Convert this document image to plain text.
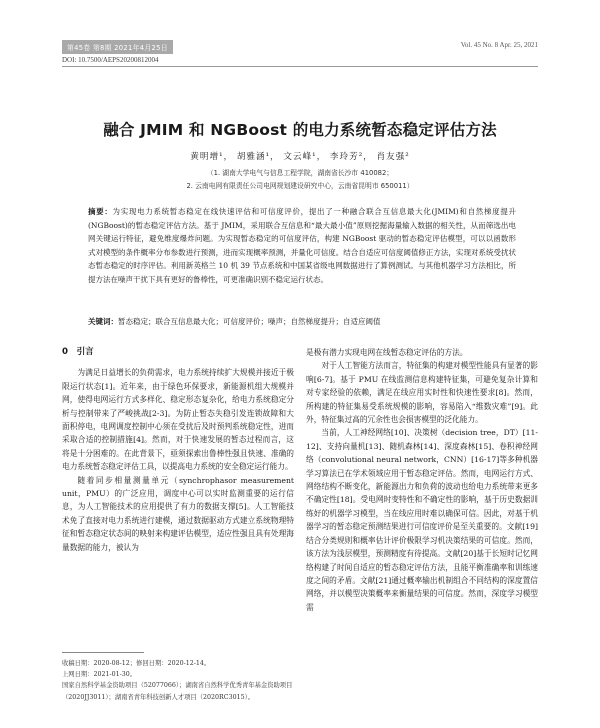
第45卷 第8期 2021年4月25日	Vol. 45 No. 8 Apr. 25, 2021
DOI: 10.7500/AEPS20200812004
融合 JMIM 和 NGBoost 的电力系统暂态稳定评估方法
黄明增¹， 胡雅涵¹， 文云峰¹， 李玲芳²， 肖友强²
（1. 湖南大学电气与信息工程学院，湖南省长沙市 410082；
2. 云南电网有限责任公司电网规划建设研究中心，云南省昆明市 650011）
摘要：为实现电力系统暂态稳定在线快速评估和可信度评价，提出了一种融合联合互信息最大化(JMIM)和自然梯度提升(NGBoost)的暂态稳定评估方法。基于 JMIM，采用联合互信息和“最大最小值”原则挖掘海量输入数据的相关性，从而筛选出电网关键运行特征，避免维度爆炸问题。为实现暂态稳定的可信度评估，构建 NGBoost 驱动的暂态稳定评估模型，可以以函数形式对模型的条件概率分布参数进行预测，进而实现概率预测，并量化可信度。结合自适应可信度阈值修正方法，实现对系统受扰状态暂态稳定的时序评估。利用新英格兰 10 机 39 节点系统和中国某省级电网数据进行了算例测试。与其他机器学习方法相比，所提方法在噪声干扰下具有更好的鲁棒性，可更准确识别不稳定运行状态。
关键词：暂态稳定；联合互信息最大化；可信度评价；噪声；自然梯度提升；自适应阈值
0　引言

为满足日益增长的负荷需求，电力系统持续扩大规模并接近于极限运行状态[1]。近年来，由于绿色环保要求，新能源机组大规模并网，使得电网运行方式多样化、稳定形态复杂化，给电力系统稳定分析与控制带来了严峻挑战[2-3]。为防止暂态失稳引发连锁故障和大面积停电，电网调度控制中心须在受扰后及时预判系统稳定性，进而采取合适的控制措施[4]。然而，对于快速发展的暂态过程而言，这将是十分困难的。在此背景下，亟须探索出鲁棒性强且快速、准确的电力系统暂态稳定评估工具，以提高电力系统的安全稳定运行能力。

随着同步相量测量单元（synchrophasor measurement unit，PMU）的广泛应用，调度中心可以实时监测重要的运行信息，为人工智能技术的应用提供了有力的数据支撑[5]。人工智能技术免了直接对电力系统进行建模，通过数据驱动方式建立系统物理特征和暂态稳定状态间的映射来构建评估模型，适应性强且具有处理海量数据的能力，被认为

是极有潜力实现电网在线暂态稳定评估的方法。

对于人工智能方法而言，特征集的构建对模型性能具有显著的影响[6-7]。基于 PMU 在线监测信息构建特征集，可避免复杂计算和对专家经验的依赖，满足在线应用实时性和快速性要求[8]。然而，所构建的特征集易受系统规模的影响，容易陷入“维数灾难”[9]。此外，特征集过高的冗余性也会损害模型的泛化能力。

当前，人工神经网络[10]、决策树（decision tree，DT）[11-12]、支持向量机[13]、随机森林[14]、深度森林[15]、卷积神经网络（convolutional neural network，CNN）[16-17]等多种机器学习算法已在学术领域应用于暂态稳定评估。然而，电网运行方式、网络结构不断变化，新能源出力和负荷的波动也给电力系统带来更多不确定性[18]。受电网时变特性和不确定性的影响，基于历史数据训练好的机器学习模型，当在线应用时难以确保可信。因此，对基于机器学习的暂态稳定预测结果进行可信度评价是至关重要的。文献[19]结合分类规则和概率估计评价极限学习机决策结果的可信度。然而，该方法为浅层模型，预测精度有待提高。文献[20]基于长短时记忆网络构建了时间自适应的暂态稳定评估方法，且能平衡准确率和训练速度之间的矛盾。文献[21]通过概率输出机制组合不同结构的深度置信网络，并以模型决策概率来衡量结果的可信度。然而，深度学习模型需

收稿日期：2020-08-12；修回日期：2020-12-14。
上网日期：2021-01-30。
国家自然科学基金资助项目（52077066）；湖南省自然科学优秀青年基金资助项目（2020JJ3011）；湖南省青年科技创新人才项目（2020RC3015）。
